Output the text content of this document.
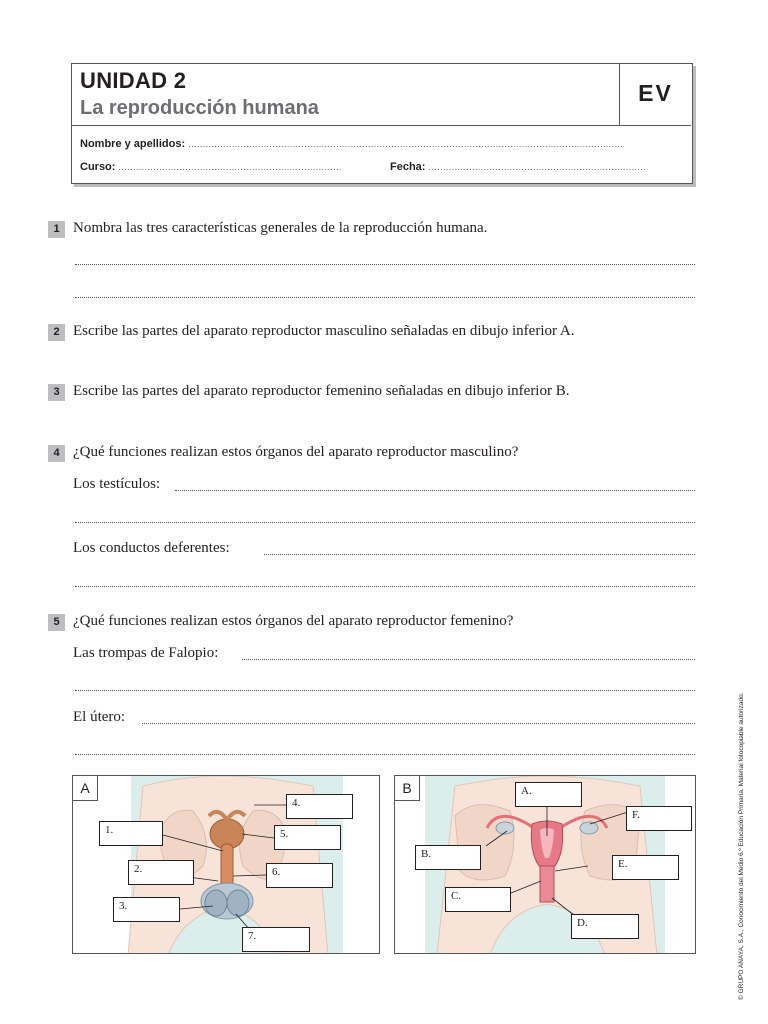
UNIDAD 2
La reproducción humana
EV
Nombre y apellidos: ......................................................................................................................................................
Curso: .............................................................................	Fecha: ...........................................................................
1 Nombra las tres características generales de la reproducción humana.
2 Escribe las partes del aparato reproductor masculino señaladas en dibujo inferior A.
3 Escribe las partes del aparato reproductor femenino señaladas en dibujo inferior B.
4 ¿Qué funciones realizan estos órganos del aparato reproductor masculino?
Los testículos:
Los conductos deferentes:
5 ¿Qué funciones realizan estos órganos del aparato reproductor femenino?
Las trompas de Falopio:
El útero:
A
4.
1.	5.
2.	6.
3.
7.
B	A.
F.
B.
E.
C.
D.	© GRUPO ANAYA, S.A., Conocimiento del Medio 6.º Educación Primaria. Material fotocopiable autorizado.
